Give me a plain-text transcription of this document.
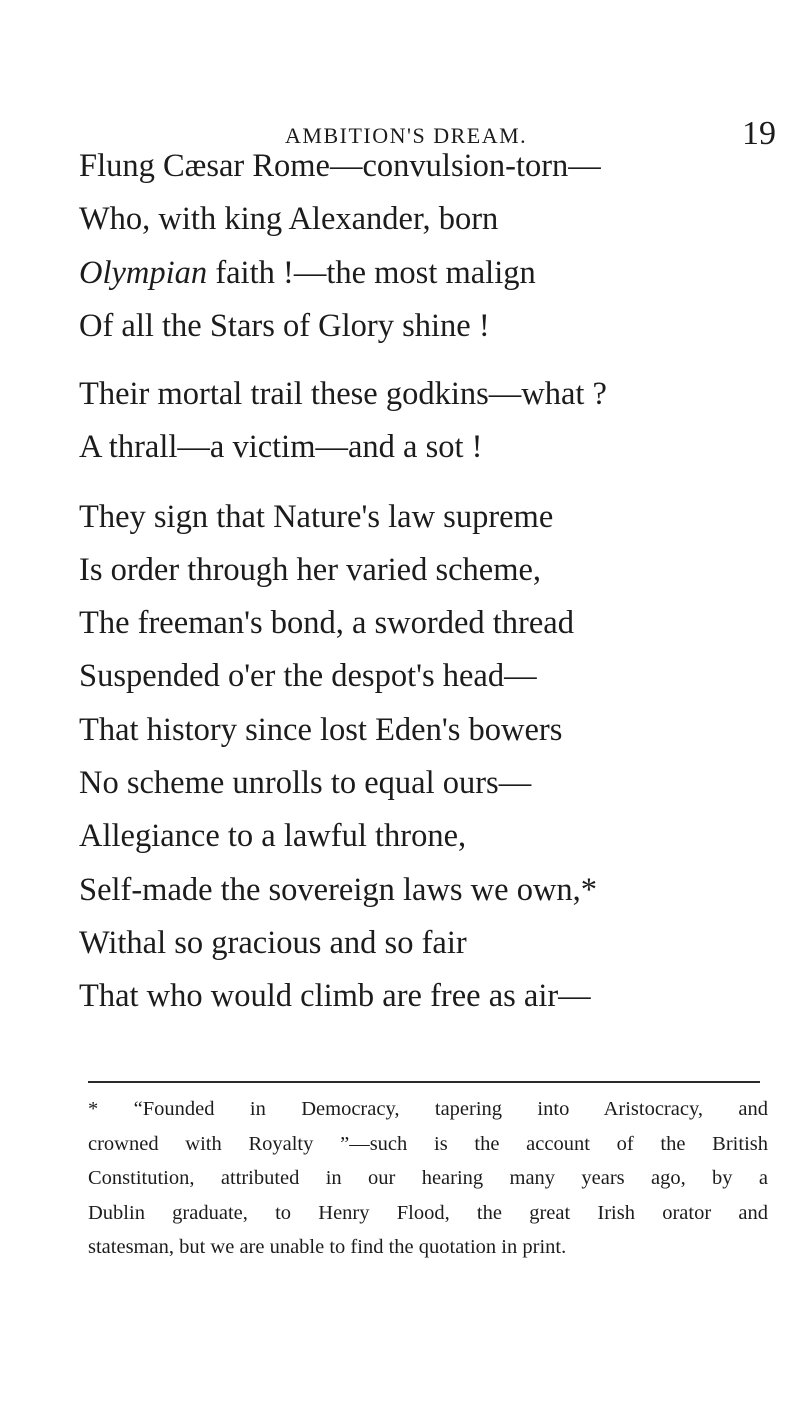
AMBITION'S DREAM.	19
Flung Cæsar Rome—convulsion-torn—
Who, with king Alexander, born
Olympian faith !—the most malign
Of all the Stars of Glory shine !
Their mortal trail these godkins—what ?
A thrall—a victim—and a sot !
They sign that Nature's law supreme
Is order through her varied scheme,
The freeman's bond, a sworded thread
Suspended o'er the despot's head—
That history since lost Eden's bowers
No scheme unrolls to equal ours—
Allegiance to a lawful throne,
Self-made the sovereign laws we own,*
Withal so gracious and so fair
That who would climb are free as air—
* “Founded in Democracy, tapering into Aristocracy, and
crowned with Royalty ”—such is the account of the British
Constitution, attributed in our hearing many years ago, by a
Dublin graduate, to Henry Flood, the great Irish orator and
statesman, but we are unable to find the quotation in print.
